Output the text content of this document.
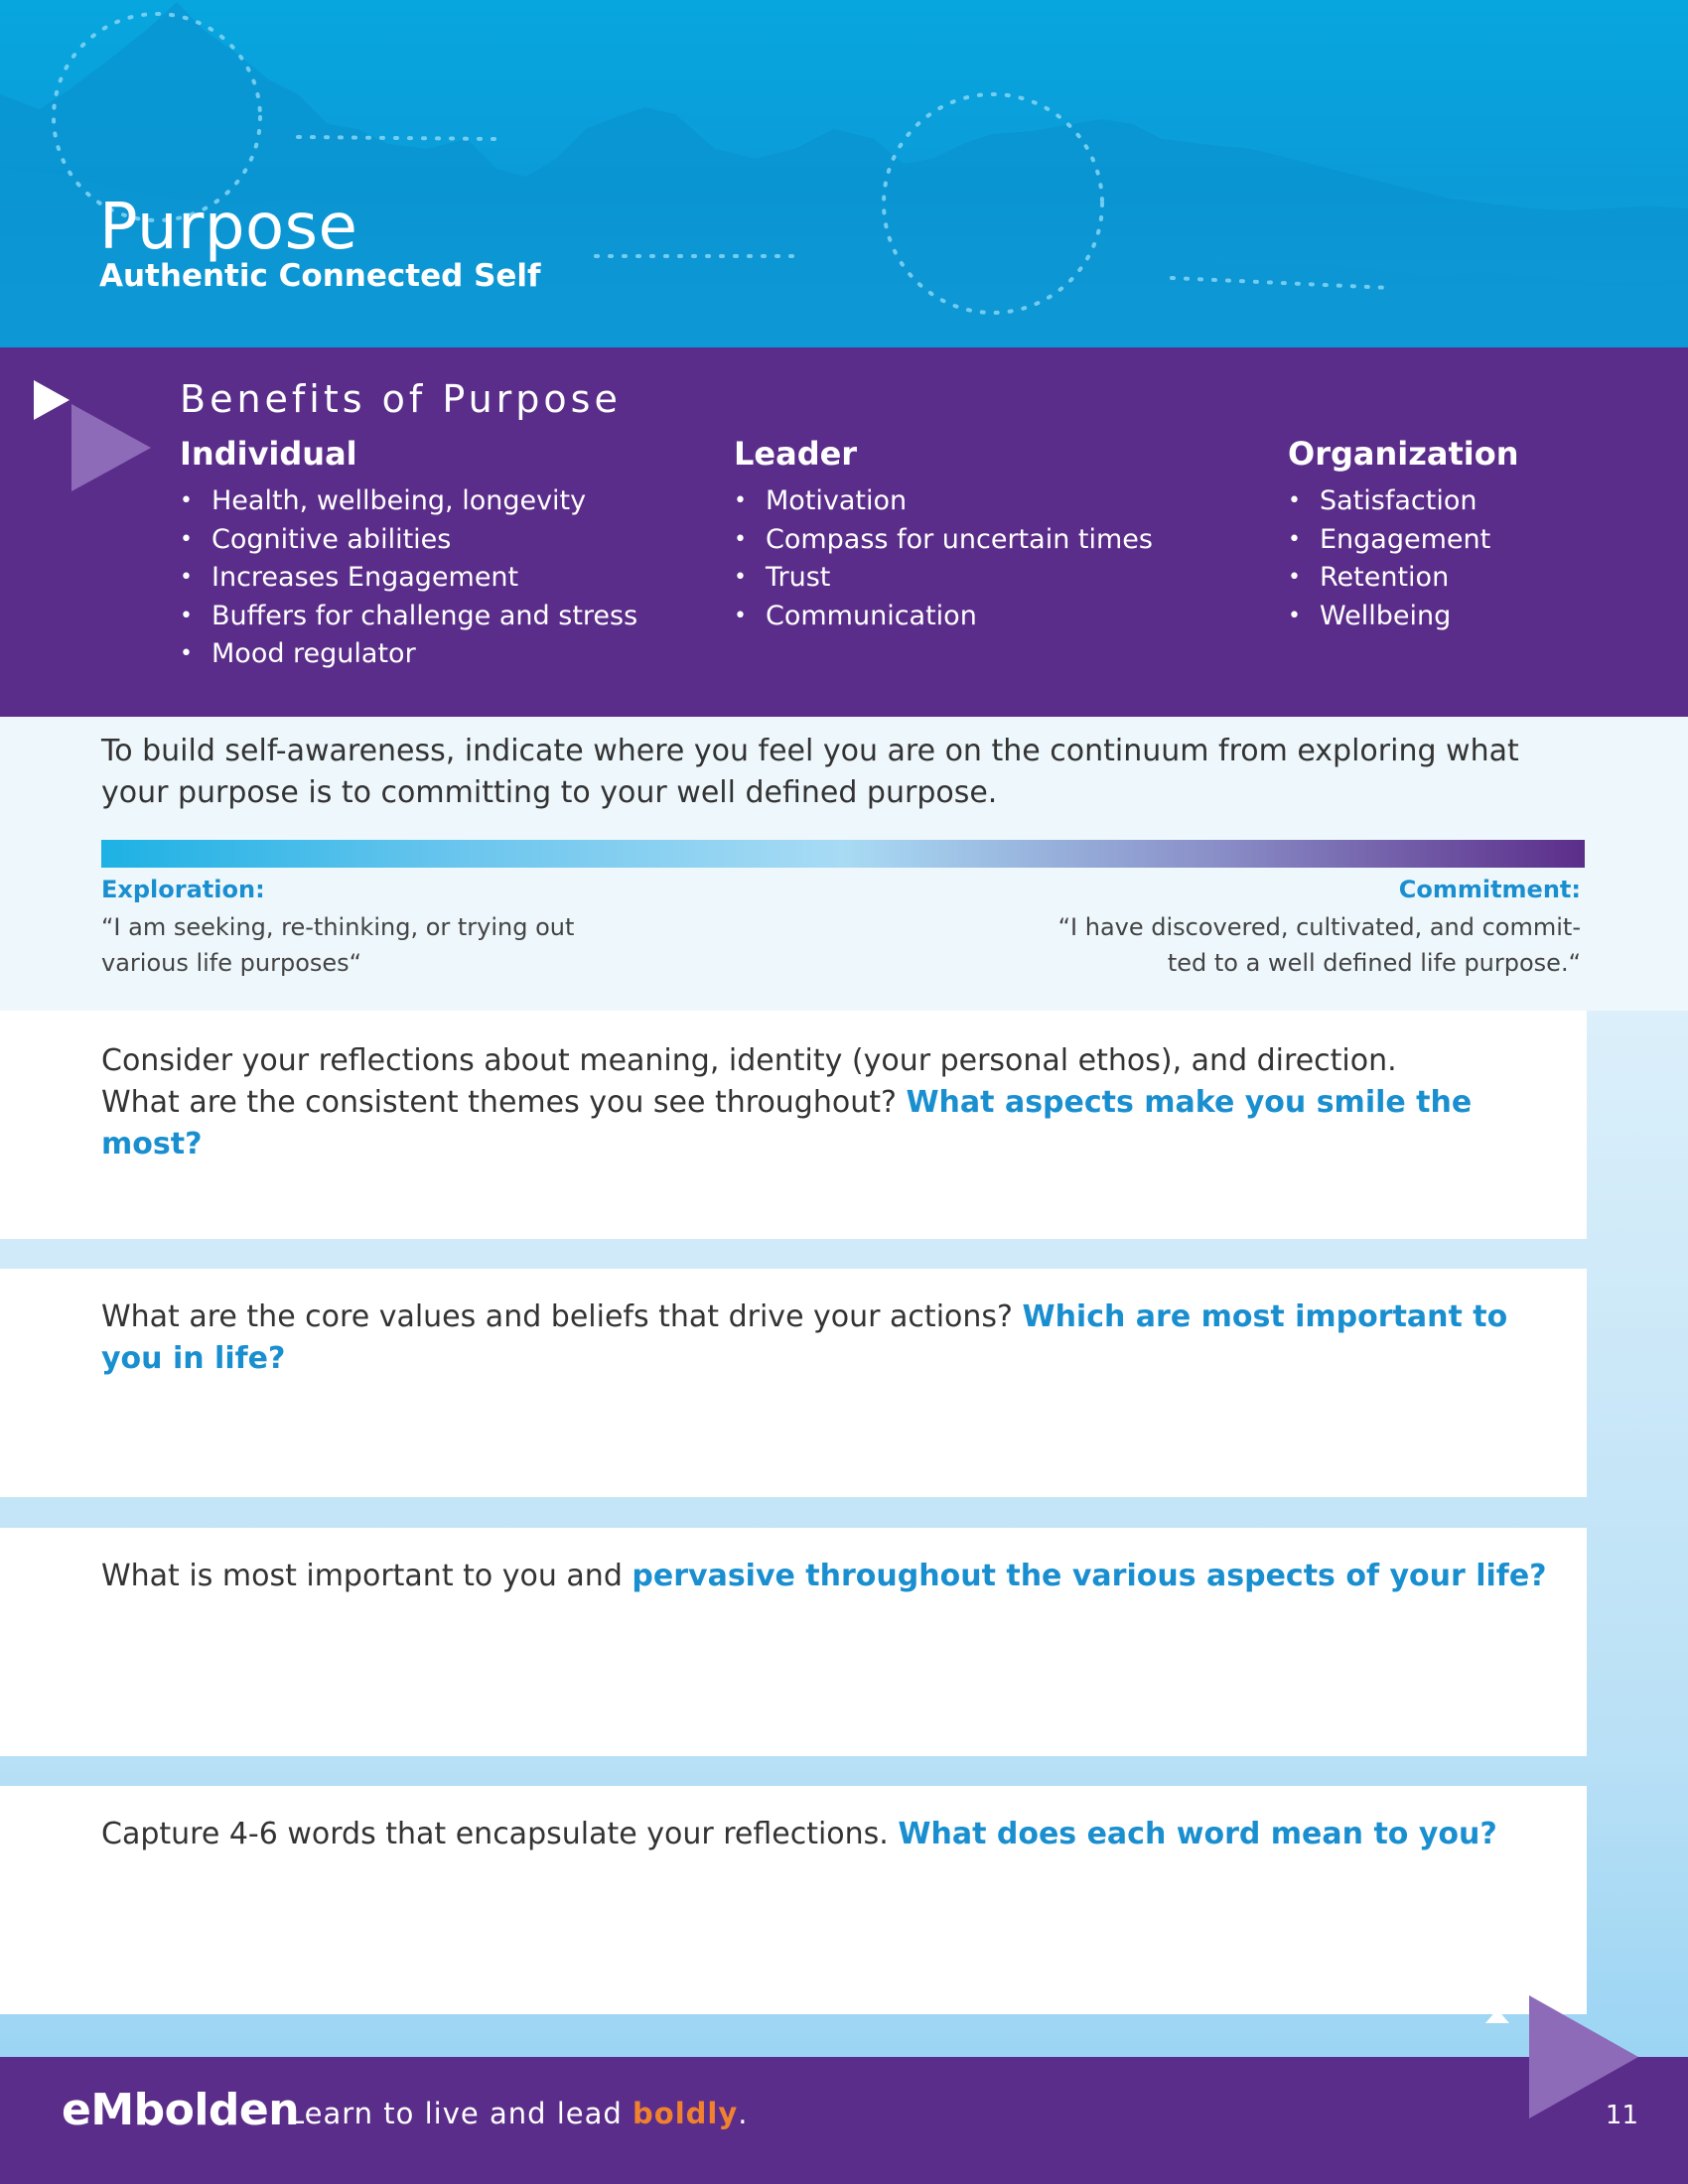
Purpose
Authentic Connected Self
Benefits of Purpose
Individual
• Health, wellbeing, longevity
• Cognitive abilities
• Increases Engagement
• Buffers for challenge and stress
• Mood regulator
Leader
• Motivation
• Compass for uncertain times
• Trust
• Communication
Organization
• Satisfaction
• Engagement
• Retention
• Wellbeing
To build self-awareness, indicate where you feel you are on the continuum from exploring what your purpose is to committing to your well defined purpose.
Exploration:	Commitment:
“I am seeking, re-thinking, or trying out various life purposes“
“I have discovered, cultivated, and commit-ted to a well defined life purpose.“
Consider your reflections about meaning, identity (your personal ethos), and direction.
What are the consistent themes you see throughout? What aspects make you smile the most?
What are the core values and beliefs that drive your actions? Which are most important to you in life?
What is most important to you and pervasive throughout the various aspects of your life?
Capture 4-6 words that encapsulate your reflections. What does each word mean to you?
eMbolden
Learn to live and lead boldly.	11
